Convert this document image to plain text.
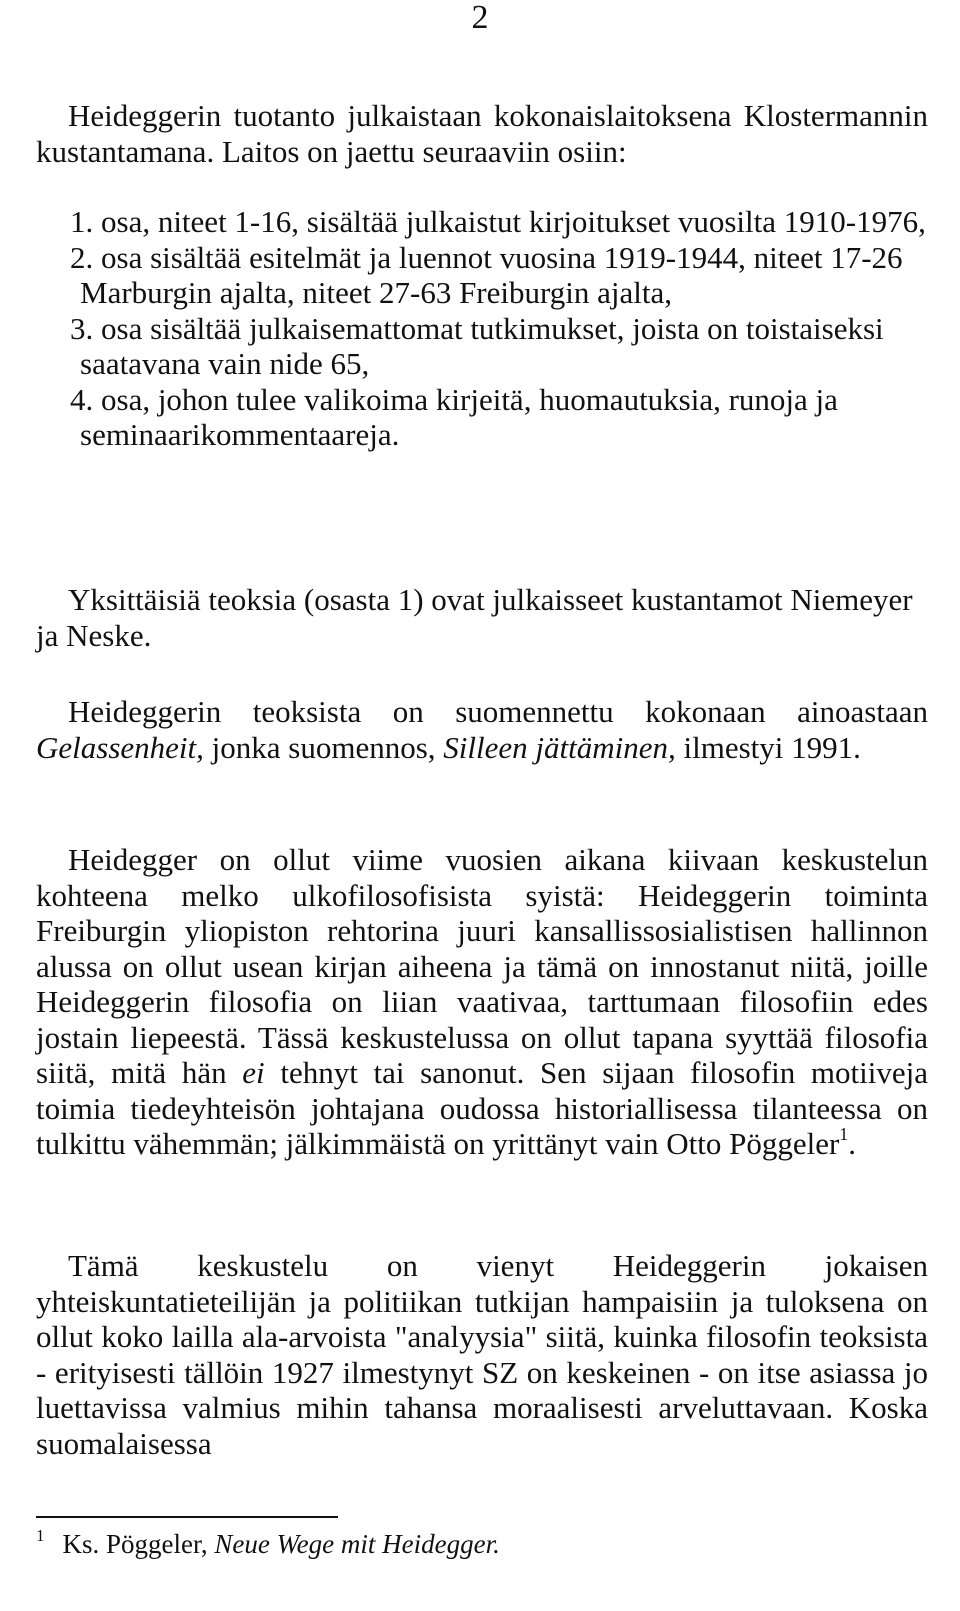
2
Heideggerin tuotanto julkaistaan kokonaislaitoksena Klostermannin kustantamana. Laitos on jaettu seuraaviin osiin:
1. osa, niteet 1-16, sisältää julkaistut kirjoitukset vuosilta 1910-1976,
2. osa sisältää esitelmät ja luennot vuosina 1919-1944, niteet 17-26 Marburgin ajalta, niteet 27-63 Freiburgin ajalta,
3. osa sisältää julkaisemattomat tutkimukset, joista on toistaiseksi saatavana vain nide 65,
4. osa, johon tulee valikoima kirjeitä, huomautuksia, runoja ja seminaarikommentaareja.
Yksittäisiä teoksia (osasta 1) ovat julkaisseet kustantamot Niemeyer ja Neske.
Heideggerin teoksista on suomennettu kokonaan ainoastaan Gelassenheit, jonka suomennos, Silleen jättäminen, ilmestyi 1991.
Heidegger on ollut viime vuosien aikana kiivaan keskustelun kohteena melko ulkofilosofisista syistä: Heideggerin toiminta Freiburgin yliopiston rehtorina juuri kansallissosialistisen hallinnon alussa on ollut usean kirjan aiheena ja tämä on innostanut niitä, joille Heideggerin filosofia on liian vaativaa, tarttumaan filosofiin edes jostain liepeestä. Tässä keskustelussa on ollut tapana syyttää filosofia siitä, mitä hän ei tehnyt tai sanonut. Sen sijaan filosofin motiiveja toimia tiedeyhteisön johtajana oudossa historiallisessa tilanteessa on tulkittu vähemmän; jälkimmäistä on yrittänyt vain Otto Pöggeler$^1$.
Tämä keskustelu on vienyt Heideggerin jokaisen yhteiskuntatieteilijän ja politiikan tutkijan hampaisiin ja tuloksena on ollut koko lailla ala-arvoista "analyysia" siitä, kuinka filosofin teoksista - erityisesti tällöin 1927 ilmestynyt SZ on keskeinen - on itse asiassa jo luettavissa valmius mihin tahansa moraalisesti arveluttavaan. Koska suomalaisessa
$^1$ Ks. Pöggeler, Neue Wege mit Heidegger.
